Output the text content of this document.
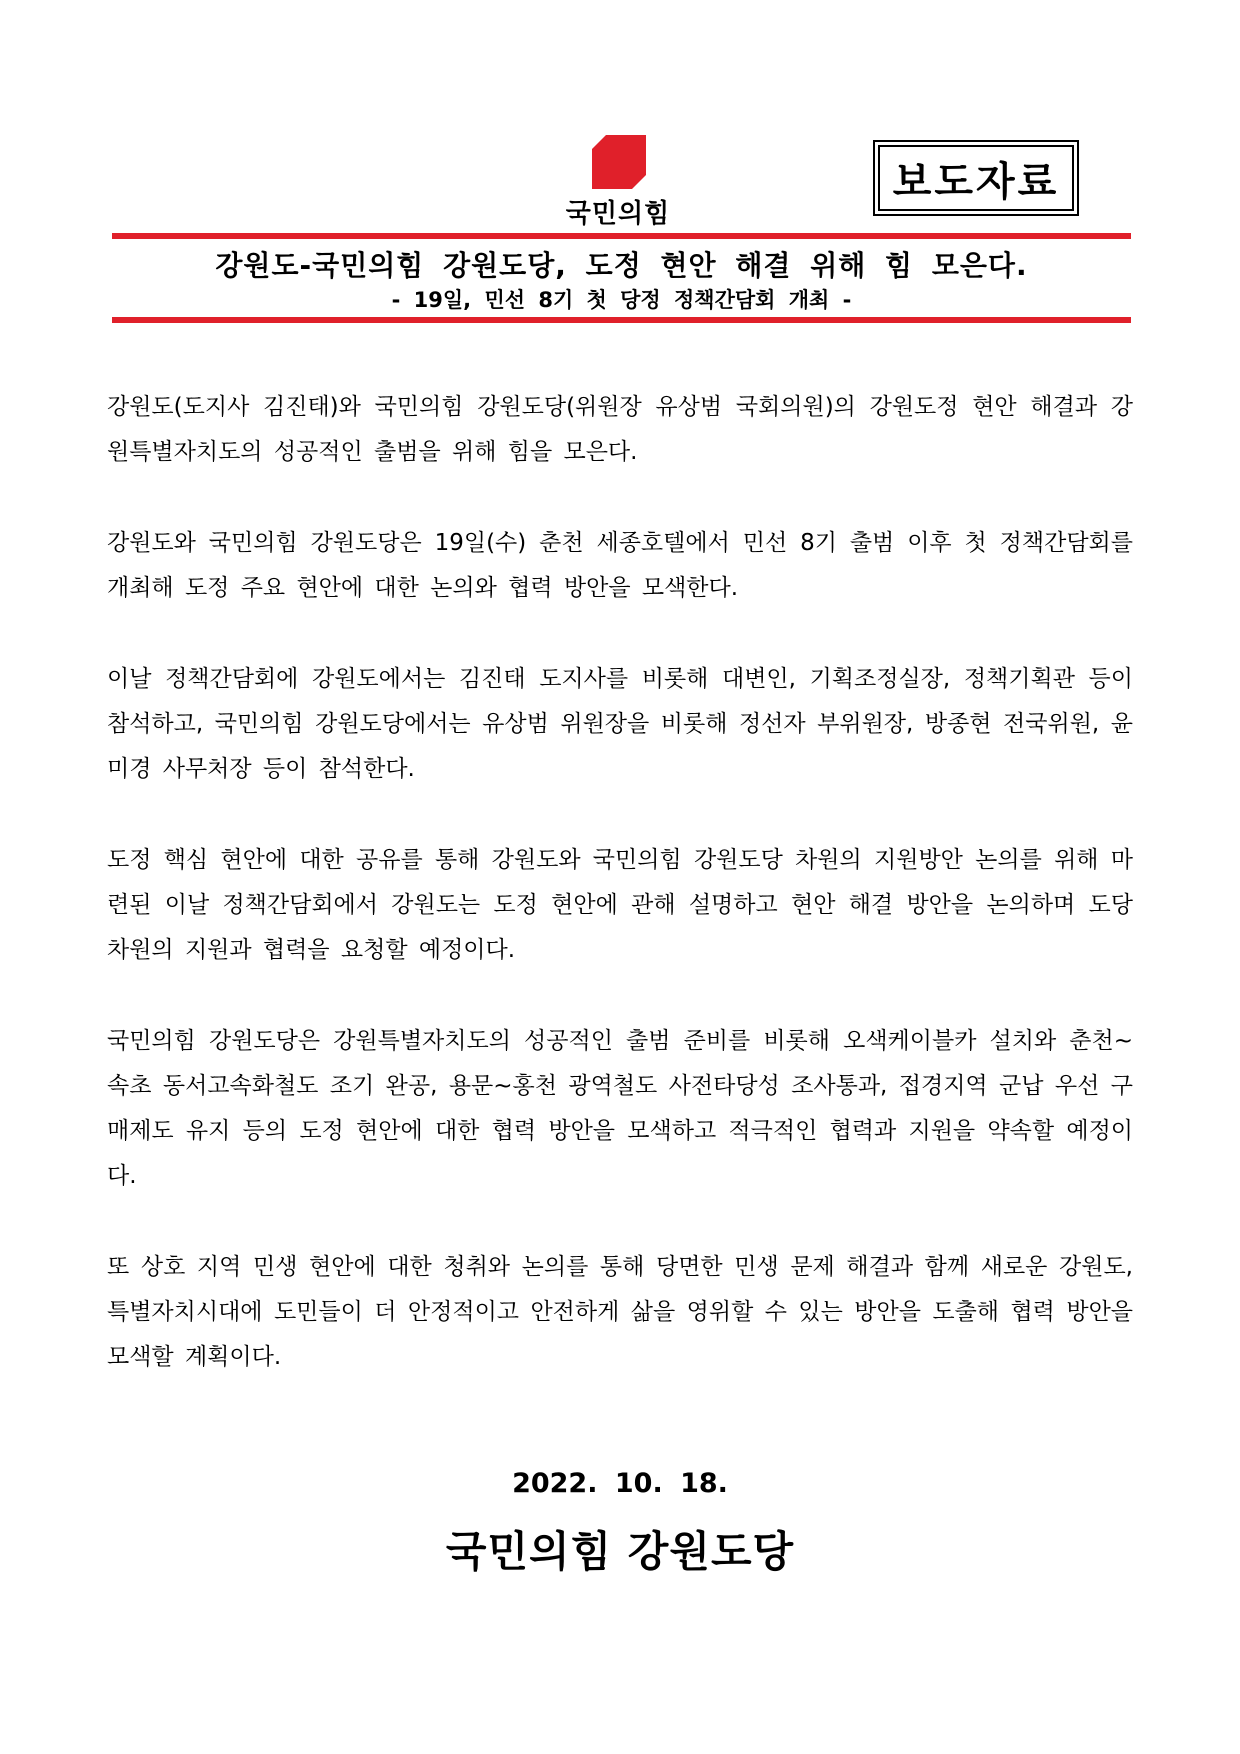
국민의힘
보도자료
강원도-국민의힘 강원도당, 도정 현안 해결 위해 힘 모은다.
- 19일, 민선 8기 첫 당정 정책간담회 개최 -

강원도(도지사 김진태)와 국민의힘 강원도당(위원장 유상범 국회의원)의 강원도정 현안 해결과 강원특별자치도의 성공적인 출범을 위해 힘을 모은다.

강원도와 국민의힘 강원도당은 19일(수) 춘천 세종호텔에서 민선 8기 출범 이후 첫 정책간담회를 개최해 도정 주요 현안에 대한 논의와 협력 방안을 모색한다.

이날 정책간담회에 강원도에서는 김진태 도지사를 비롯해 대변인, 기획조정실장, 정책기획관 등이 참석하고, 국민의힘 강원도당에서는 유상범 위원장을 비롯해 정선자 부위원장, 방종현 전국위원, 윤미경 사무처장 등이 참석한다.

도정 핵심 현안에 대한 공유를 통해 강원도와 국민의힘 강원도당 차원의 지원방안 논의를 위해 마련된 이날 정책간담회에서 강원도는 도정 현안에 관해 설명하고 현안 해결 방안을 논의하며 도당 차원의 지원과 협력을 요청할 예정이다.

국민의힘 강원도당은 강원특별자치도의 성공적인 출범 준비를 비롯해 오색케이블카 설치와 춘천~속초 동서고속화철도 조기 완공, 용문~홍천 광역철도 사전타당성 조사통과, 접경지역 군납 우선 구매제도 유지 등의 도정 현안에 대한 협력 방안을 모색하고 적극적인 협력과 지원을 약속할 예정이다.

또 상호 지역 민생 현안에 대한 청취와 논의를 통해 당면한 민생 문제 해결과 함께 새로운 강원도, 특별자치시대에 도민들이 더 안정적이고 안전하게 삶을 영위할 수 있는 방안을 도출해 협력 방안을 모색할 계획이다.

2022. 10. 18.
국민의힘 강원도당
